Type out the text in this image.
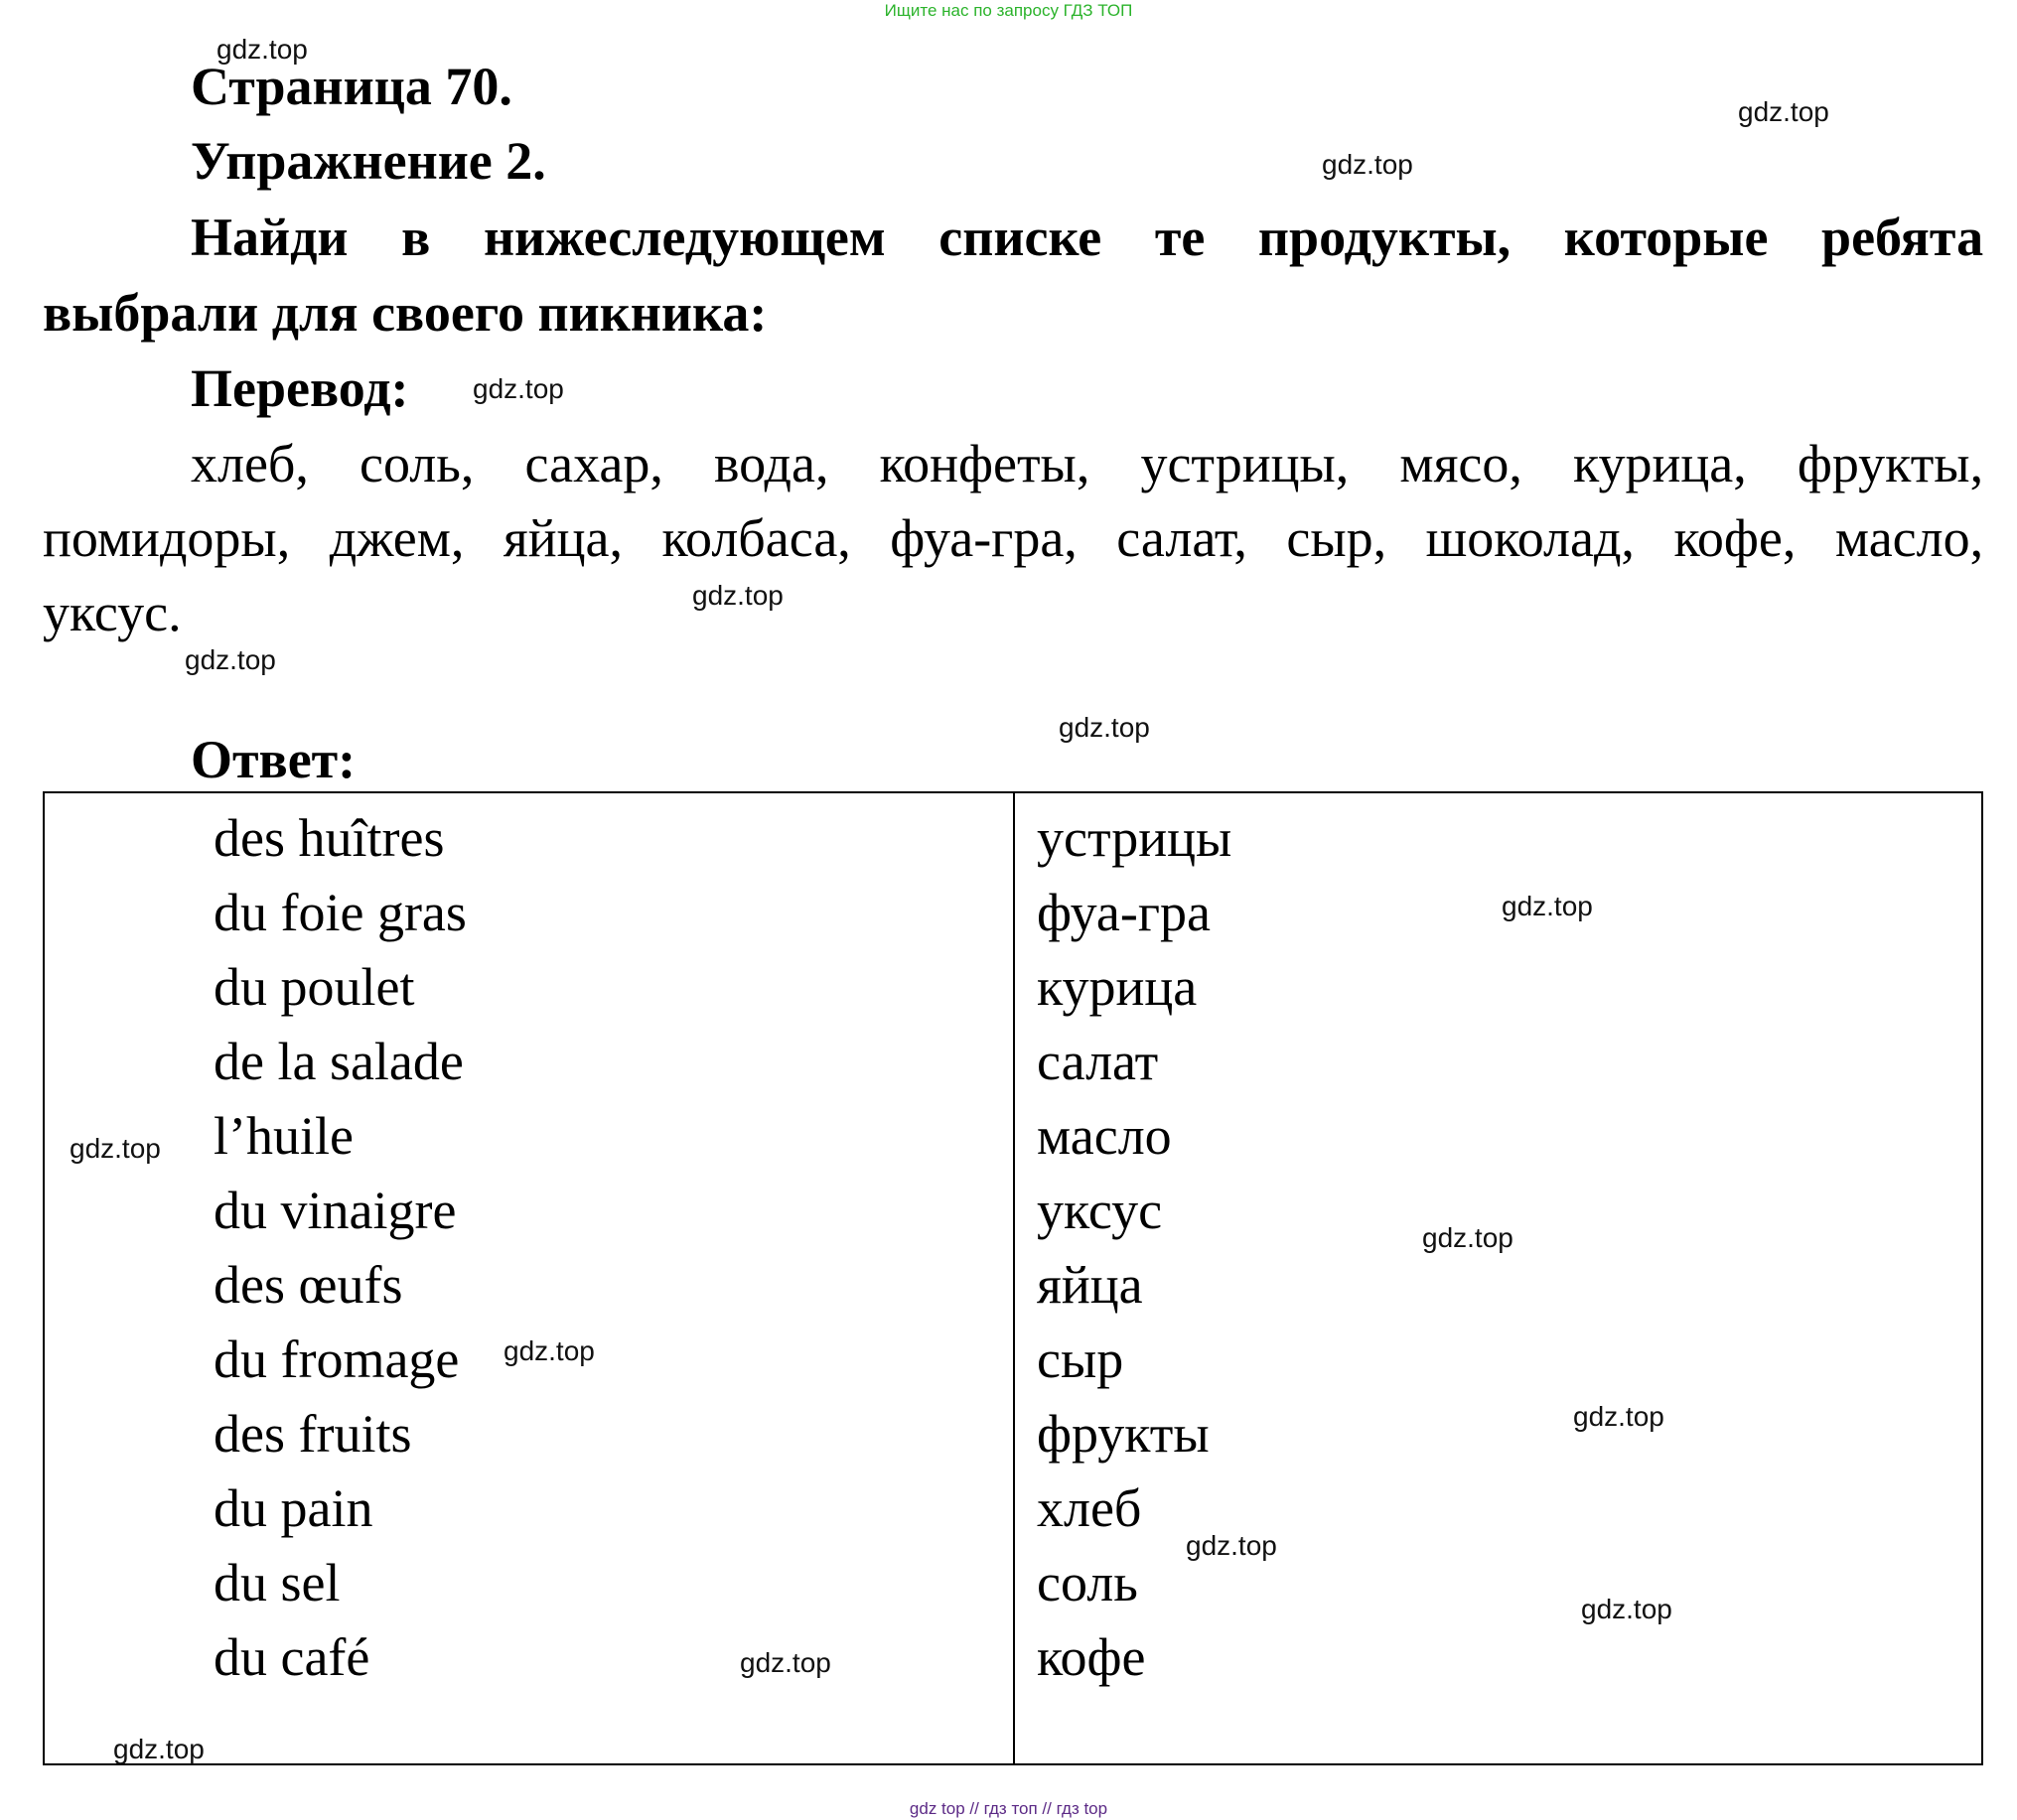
Ищите нас по запросу ГДЗ ТОП
gdz top // гдз топ // гдз top
Страница 70.
Упражнение 2.
Найди в нижеследующем списке те продукты, которые ребята
выбрали для своего пикника:
Перевод:
хлеб, соль, сахар, вода, конфеты, устрицы, мясо, курица, фрукты,
помидоры, джем, яйца, колбаса, фуа-гра, салат, сыр, шоколад, кофе, масло,
уксус.
Ответ:
des huîtres
du foie gras
du poulet
de la salade
l’huile
du vinaigre
des œufs
du fromage
des fruits
du pain
du sel
du café
устрицы
фуа-гра
курица
салат
масло
уксус
яйца
сыр
фрукты
хлеб
соль
кофе
gdz.top
gdz.top
gdz.top
gdz.top
gdz.top
gdz.top
gdz.top
gdz.top
gdz.top
gdz.top
gdz.top
gdz.top
gdz.top
gdz.top
gdz.top
gdz.top
